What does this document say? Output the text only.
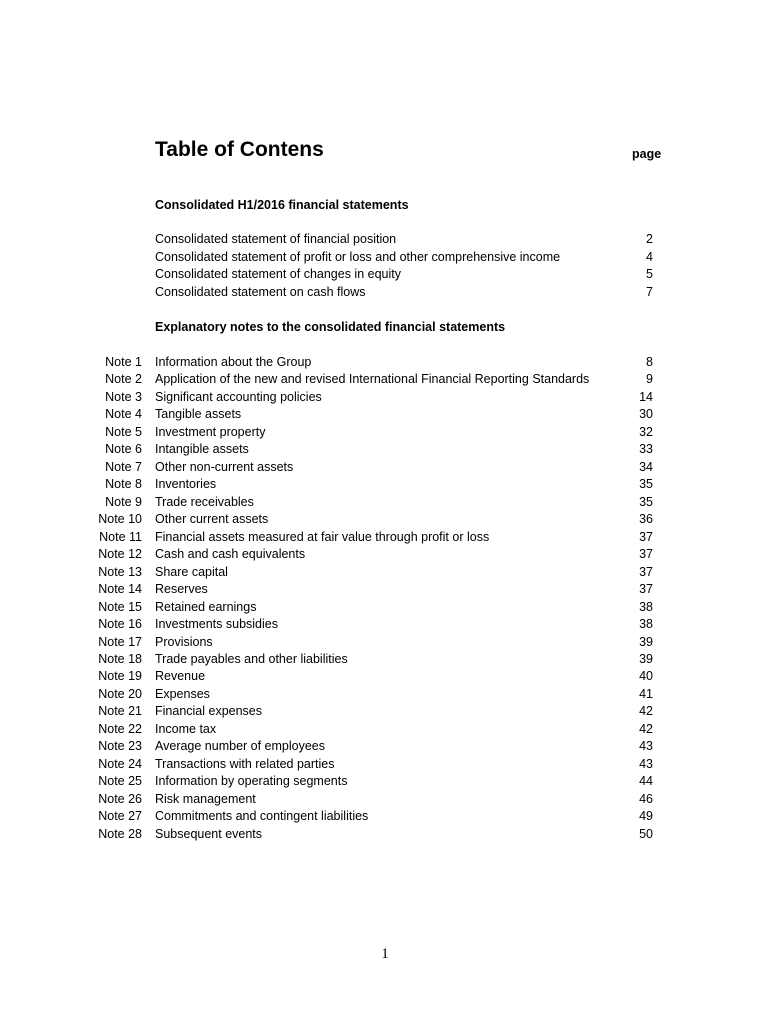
Table of Contens	page
Consolidated H1/2016 financial statements
Consolidated statement of financial position	2
Consolidated statement of profit or loss and other comprehensive income	4
Consolidated statement of changes in equity	5
Consolidated statement on cash flows	7
Explanatory notes to the consolidated financial statements
Note 1 Information about the Group	8
Note 2 Application of the new and revised International Financial Reporting Standards	9
Note 3 Significant accounting policies	14
Note 4 Tangible assets	30
Note 5 Investment property	32
Note 6 Intangible assets	33
Note 7 Other non-current assets	34
Note 8 Inventories	35
Note 9 Trade receivables	35
Note 10 Other current assets	36
Note 11 Financial assets measured at fair value through profit or loss	37
Note 12 Cash and cash equivalents	37
Note 13 Share capital	37
Note 14 Reserves	37
Note 15 Retained earnings	38
Note 16 Investments subsidies	38
Note 17 Provisions	39
Note 18 Trade payables and other liabilities	39
Note 19 Revenue	40
Note 20 Expenses	41
Note 21 Financial expenses	42
Note 22 Income tax	42
Note 23 Average number of employees	43
Note 24 Transactions with related parties	43
Note 25 Information by operating segments	44
Note 26 Risk management	46
Note 27 Commitments and contingent liabilities	49
Note 28 Subsequent events	50
1
